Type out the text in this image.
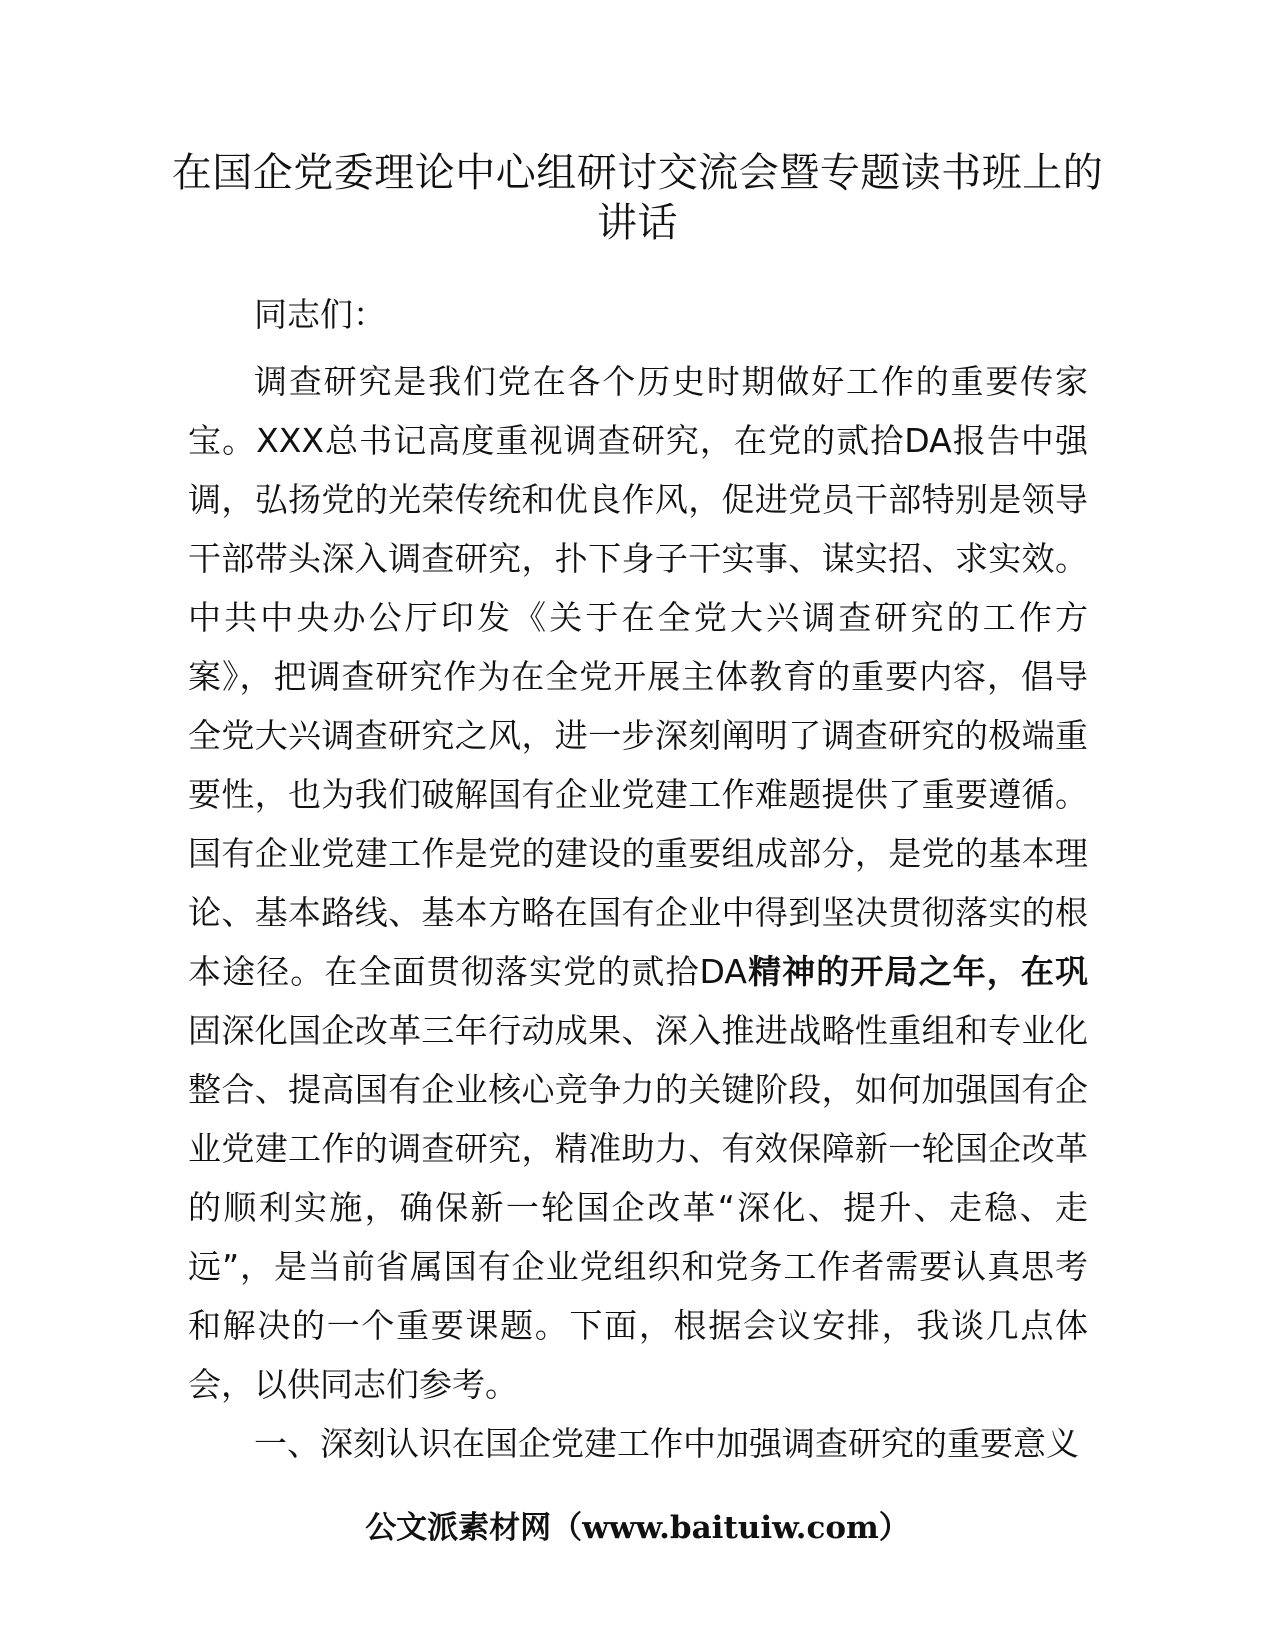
在国企党委理论中心组研讨交流会暨专题读书班上的讲话

同志们：

调查研究是我们党在各个历史时期做好工作的重要传家宝。XXX总书记高度重视调查研究，在党的贰拾DA报告中强调，弘扬党的光荣传统和优良作风，促进党员干部特别是领导干部带头深入调查研究，扑下身子干实事、谋实招、求实效。中共中央办公厅印发《关于在全党大兴调查研究的工作方案》，把调查研究作为在全党开展主体教育的重要内容，倡导全党大兴调查研究之风，进一步深刻阐明了调查研究的极端重要性，也为我们破解国有企业党建工作难题提供了重要遵循。国有企业党建工作是党的建设的重要组成部分，是党的基本理论、基本路线、基本方略在国有企业中得到坚决贯彻落实的根本途径。在全面贯彻落实党的贰拾DA精神的开局之年，在巩固深化国企改革三年行动成果、深入推进战略性重组和专业化整合、提高国有企业核心竞争力的关键阶段，如何加强国有企业党建工作的调查研究，精准助力、有效保障新一轮国企改革的顺利实施，确保新一轮国企改革“深化、提升、走稳、走远”，是当前省属国有企业党组织和党务工作者需要认真思考和解决的一个重要课题。下面，根据会议安排，我谈几点体会，以供同志们参考。

一、深刻认识在国企党建工作中加强调查研究的重要意义

公文派素材网（www.baituiw.com）
